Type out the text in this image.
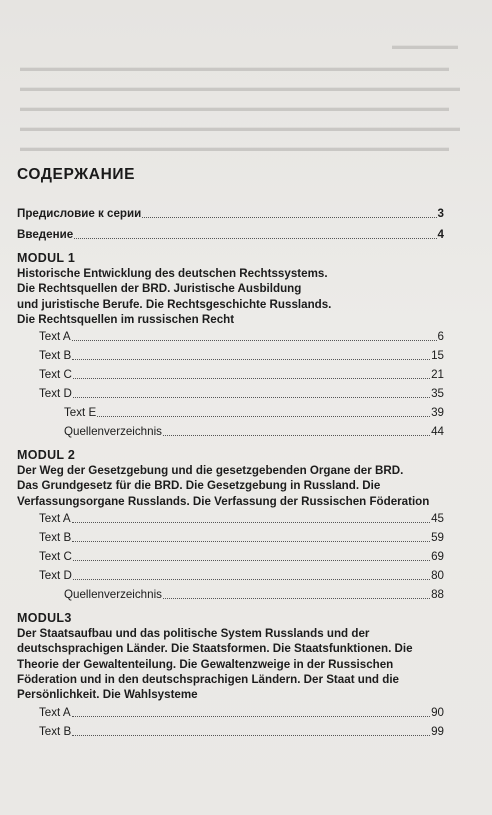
▬▬▬▬▬▬
▬▬▬▬▬▬▬▬▬▬▬▬▬▬▬▬▬▬▬▬▬▬▬▬▬▬▬▬▬▬▬▬▬▬▬▬▬▬▬
▬▬▬▬▬▬▬▬▬▬▬▬▬▬▬▬▬▬▬▬▬▬▬▬▬▬▬▬▬▬▬▬▬▬▬▬▬▬▬▬
▬▬▬▬▬▬▬▬▬▬▬▬▬▬▬▬▬▬▬▬▬▬▬▬▬▬▬▬▬▬▬▬▬▬▬▬▬▬▬
▬▬▬▬▬▬▬▬▬▬▬▬▬▬▬▬▬▬▬▬▬▬▬▬▬▬▬▬▬▬▬▬▬▬▬▬▬▬▬▬
▬▬▬▬▬▬▬▬▬▬▬▬▬▬▬▬▬▬▬▬▬▬▬▬▬▬▬▬▬▬▬▬▬▬▬▬▬▬▬
СОДЕРЖАНИЕ
Предисловие к серии	3
Введение	4
MODUL 1
Historische Entwicklung des deutschen Rechtssystems.
Die Rechtsquellen der BRD. Juristische Ausbildung
und juristische Berufe. Die Rechtsgeschichte Russlands.
Die Rechtsquellen im russischen Recht
Text A	6
Text B	15
Text C	21
Text D	35
Text E	39
Quellenverzeichnis	44
MODUL 2
Der Weg der Gesetzgebung und die gesetzgebenden Organe der BRD.
Das Grundgesetz für die BRD. Die Gesetzgebung in Russland. Die
Verfassungsorgane Russlands. Die Verfassung der Russischen Föderation
Text A	45
Text B	59
Text C	69
Text D	80
Quellenverzeichnis	88
MODUL3
Der Staatsaufbau und das politische System Russlands und der
deutschsprachigen Länder. Die Staatsformen. Die Staatsfunktionen. Die
Theorie der Gewaltenteilung. Die Gewaltenzweige in der Russischen
Föderation und in den deutschsprachigen Ländern. Der Staat und die
Persönlichkeit. Die Wahlsysteme
Text A	90
Text B	99
